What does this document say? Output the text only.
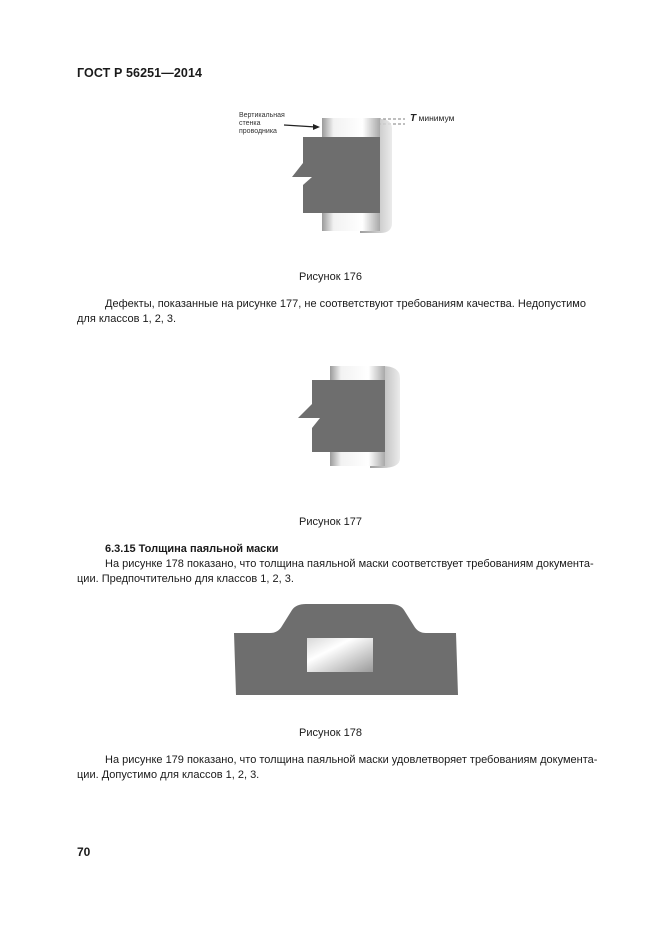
ГОСТ Р 56251—2014
Вертикальная
стенка
проводника
T минимум
Рисунок 176
Дефекты, показанные на рисунке 177, не соответствуют требованиям качества. Недопустимо
для классов 1, 2, 3.
Рисунок 177
6.3.15 Толщина паяльной маски
На рисунке 178 показано, что толщина паяльной маски соответствует требованиям документа-
ции. Предпочтительно для классов 1, 2, 3.
Рисунок 178
На рисунке 179 показано, что толщина паяльной маски удовлетворяет требованиям документа-
ции. Допустимо для классов 1, 2, 3.
70
